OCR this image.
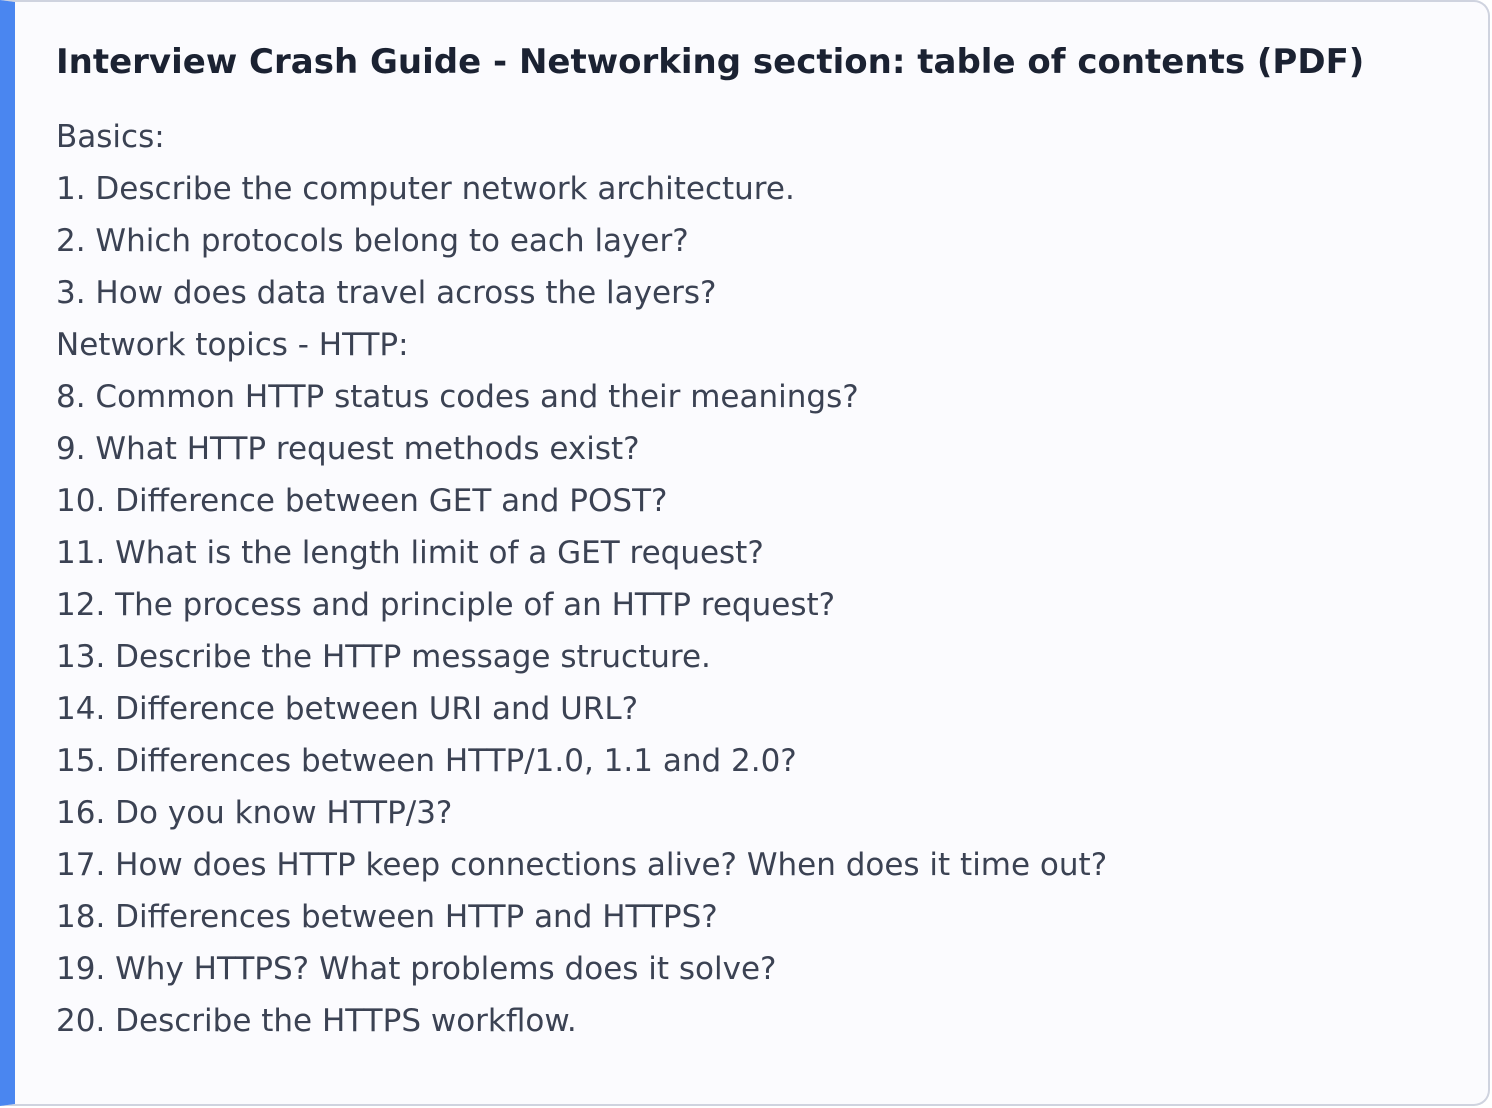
Interview Crash Guide - Networking section: table of contents (PDF)
Basics:
1. Describe the computer network architecture.
2. Which protocols belong to each layer?
3. How does data travel across the layers?
Network topics - HTTP:
8. Common HTTP status codes and their meanings?
9. What HTTP request methods exist?
10. Difference between GET and POST?
11. What is the length limit of a GET request?
12. The process and principle of an HTTP request?
13. Describe the HTTP message structure.
14. Difference between URI and URL?
15. Differences between HTTP/1.0, 1.1 and 2.0?
16. Do you know HTTP/3?
17. How does HTTP keep connections alive? When does it time out?
18. Differences between HTTP and HTTPS?
19. Why HTTPS? What problems does it solve?
20. Describe the HTTPS workflow.
